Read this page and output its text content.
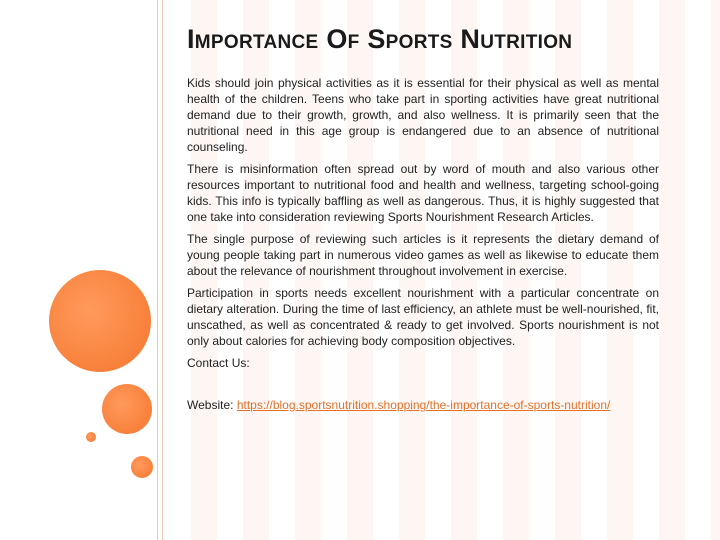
Importance Of Sports Nutrition

Kids should join physical activities as it is essential for their physical as well as mental health of the children. Teens who take part in sporting activities have great nutritional demand due to their growth, growth, and also wellness. It is primarily seen that the nutritional need in this age group is endangered due to an absence of nutritional counseling.

There is misinformation often spread out by word of mouth and also various other resources important to nutritional food and health and wellness, targeting school-going kids. This info is typically baffling as well as dangerous. Thus, it is highly suggested that one take into consideration reviewing Sports Nourishment Research Articles.

The single purpose of reviewing such articles is it represents the dietary demand of young people taking part in numerous video games as well as likewise to educate them about the relevance of nourishment throughout involvement in exercise.

Participation in sports needs excellent nourishment with a particular concentrate on dietary alteration. During the time of last efficiency, an athlete must be well-nourished, fit, unscathed, as well as concentrated & ready to get involved. Sports nourishment is not only about calories for achieving body composition objectives.

Contact Us:

Website: https://blog.sportsnutrition.shopping/the-importance-of-sports-nutrition/
